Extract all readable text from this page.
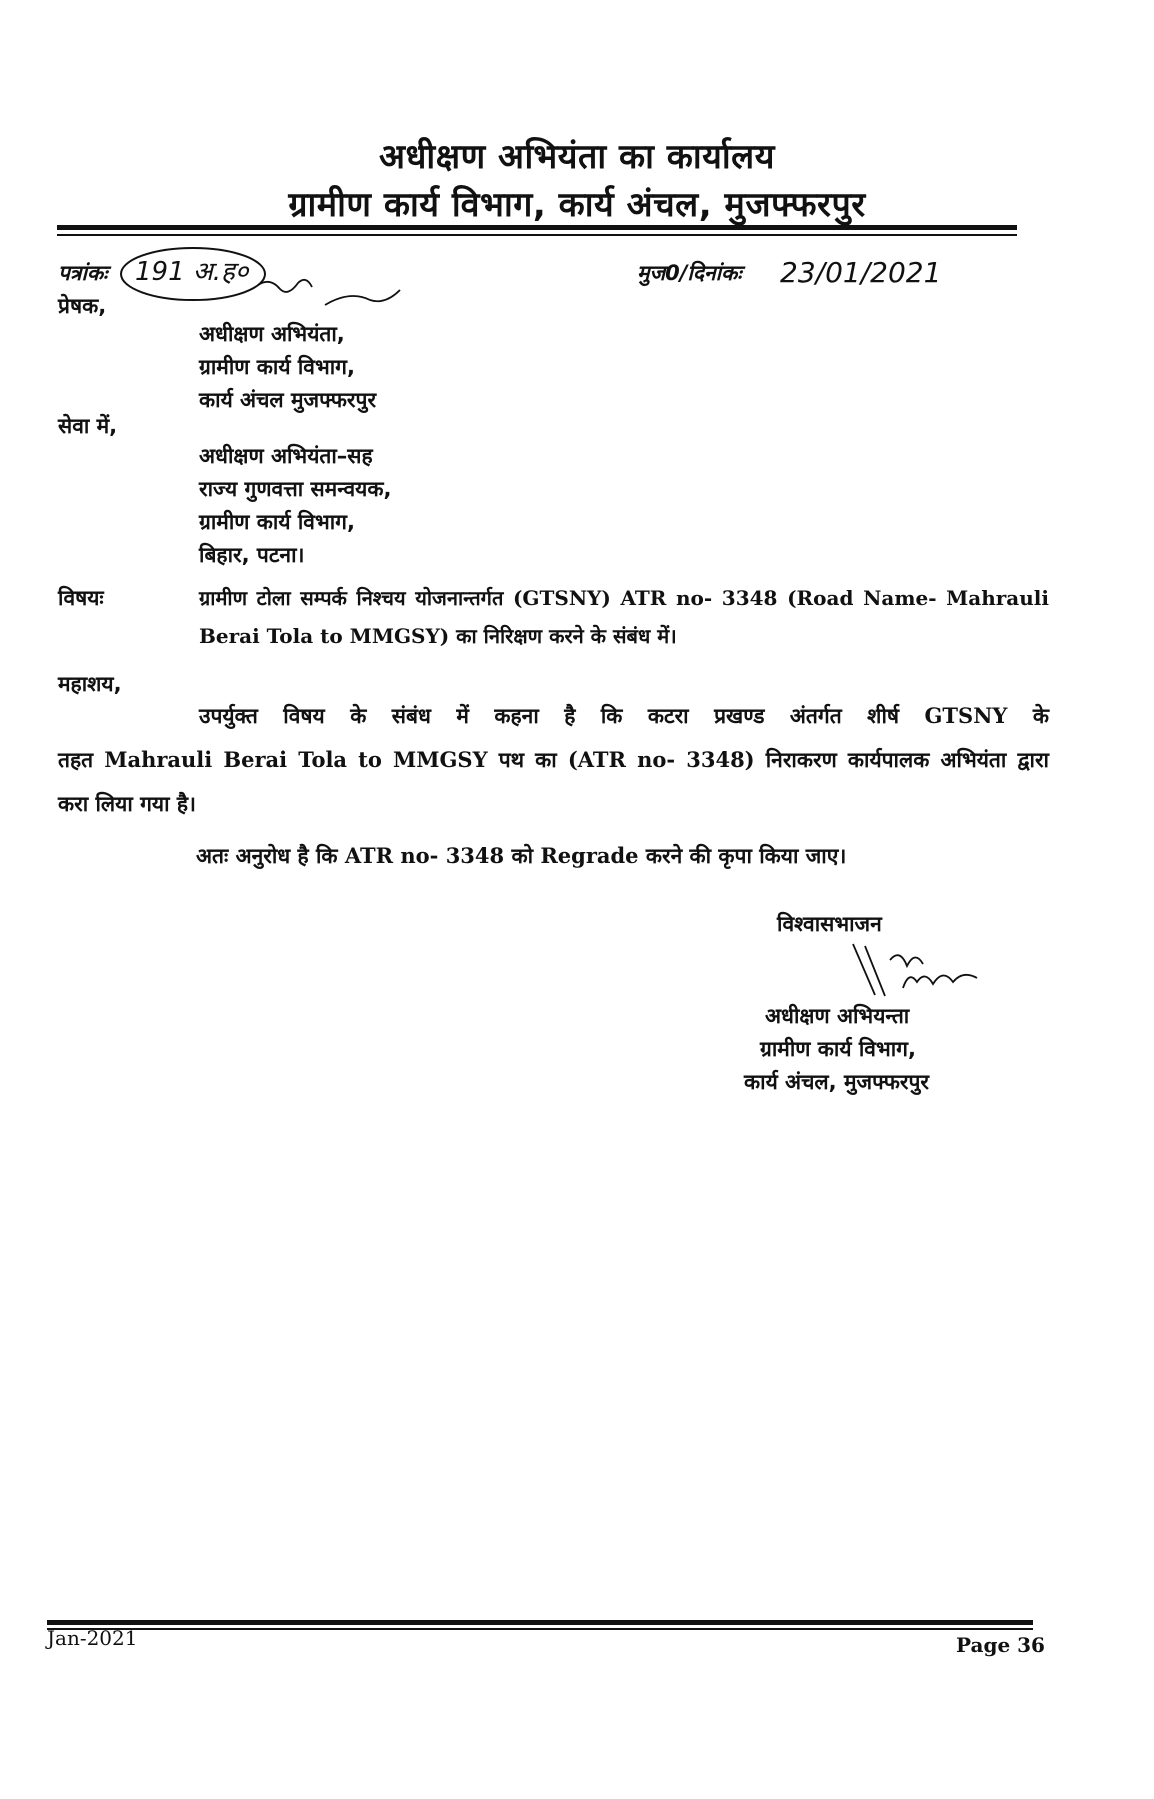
अधीक्षण अभियंता का कार्यालय
ग्रामीण कार्य विभाग, कार्य अंचल, मुजफ्फरपुर
पत्रांकः 191 अ.ह०	मुज0/दिनांकः 23/01/2021
प्रेषक,
अधीक्षण अभियंता,
ग्रामीण कार्य विभाग,
कार्य अंचल मुजफ्फरपुर
सेवा में,
अधीक्षण अभियंता–सह
राज्य गुणवत्ता समन्वयक,
ग्रामीण कार्य विभाग,
बिहार, पटना।
विषयः	ग्रामीण टोला सम्पर्क निश्चय योजनान्तर्गत (GTSNY) ATR no- 3348 (Road Name- Mahrauli
Berai Tola to MMGSY) का निरिक्षण करने के संबंध में।
महाशय,
उपर्युक्त विषय के संबंध में कहना है कि कटरा प्रखण्ड अंतर्गत शीर्ष GTSNY के
तहत Mahrauli Berai Tola to MMGSY पथ का (ATR no- 3348) निराकरण कार्यपालक अभियंता द्वारा
करा लिया गया है।
अतः अनुरोध है कि ATR no- 3348 को Regrade करने की कृपा किया जाए।
विश्वासभाजन
अधीक्षण अभियन्ता
ग्रामीण कार्य विभाग,
कार्य अंचल, मुजफ्फरपुर
Jan-2021	Page 36
